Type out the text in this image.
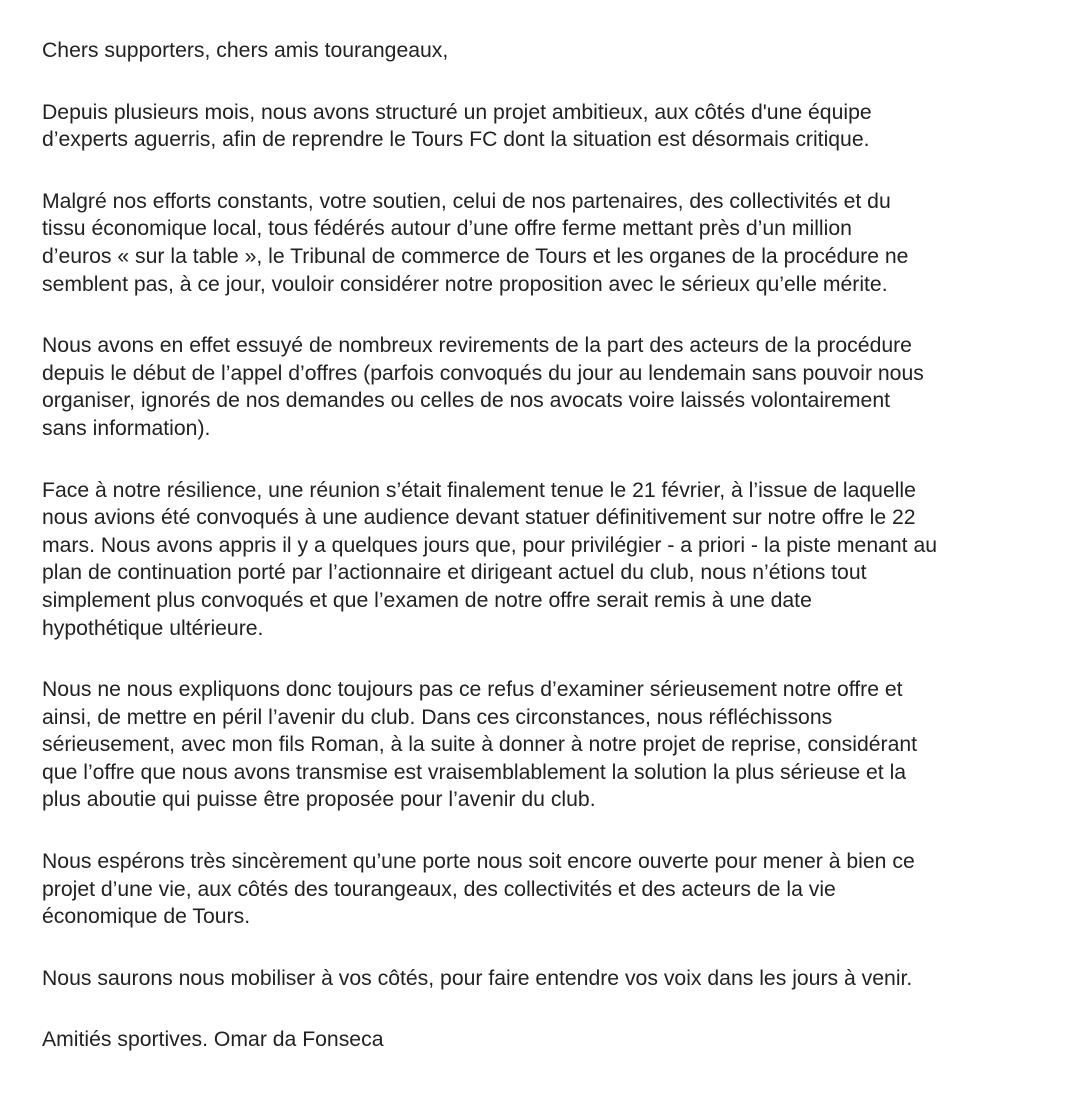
Chers supporters, chers amis tourangeaux,

Depuis plusieurs mois, nous avons structuré un projet ambitieux, aux côtés d'une équipe
d’experts aguerris, afin de reprendre le Tours FC dont la situation est désormais critique.

Malgré nos efforts constants, votre soutien, celui de nos partenaires, des collectivités et du
tissu économique local, tous fédérés autour d’une offre ferme mettant près d’un million
d’euros « sur la table », le Tribunal de commerce de Tours et les organes de la procédure ne
semblent pas, à ce jour, vouloir considérer notre proposition avec le sérieux qu’elle mérite.

Nous avons en effet essuyé de nombreux revirements de la part des acteurs de la procédure
depuis le début de l’appel d’offres (parfois convoqués du jour au lendemain sans pouvoir nous
organiser, ignorés de nos demandes ou celles de nos avocats voire laissés volontairement
sans information).

Face à notre résilience, une réunion s’était finalement tenue le 21 février, à l’issue de laquelle
nous avions été convoqués à une audience devant statuer définitivement sur notre offre le 22
mars. Nous avons appris il y a quelques jours que, pour privilégier - a priori - la piste menant au
plan de continuation porté par l’actionnaire et dirigeant actuel du club, nous n’étions tout
simplement plus convoqués et que l’examen de notre offre serait remis à une date
hypothétique ultérieure.

Nous ne nous expliquons donc toujours pas ce refus d’examiner sérieusement notre offre et
ainsi, de mettre en péril l’avenir du club. Dans ces circonstances, nous réfléchissons
sérieusement, avec mon fils Roman, à la suite à donner à notre projet de reprise, considérant
que l’offre que nous avons transmise est vraisemblablement la solution la plus sérieuse et la
plus aboutie qui puisse être proposée pour l’avenir du club.

Nous espérons très sincèrement qu’une porte nous soit encore ouverte pour mener à bien ce
projet d’une vie, aux côtés des tourangeaux, des collectivités et des acteurs de la vie
économique de Tours.

Nous saurons nous mobiliser à vos côtés, pour faire entendre vos voix dans les jours à venir.

Amitiés sportives. Omar da Fonseca
